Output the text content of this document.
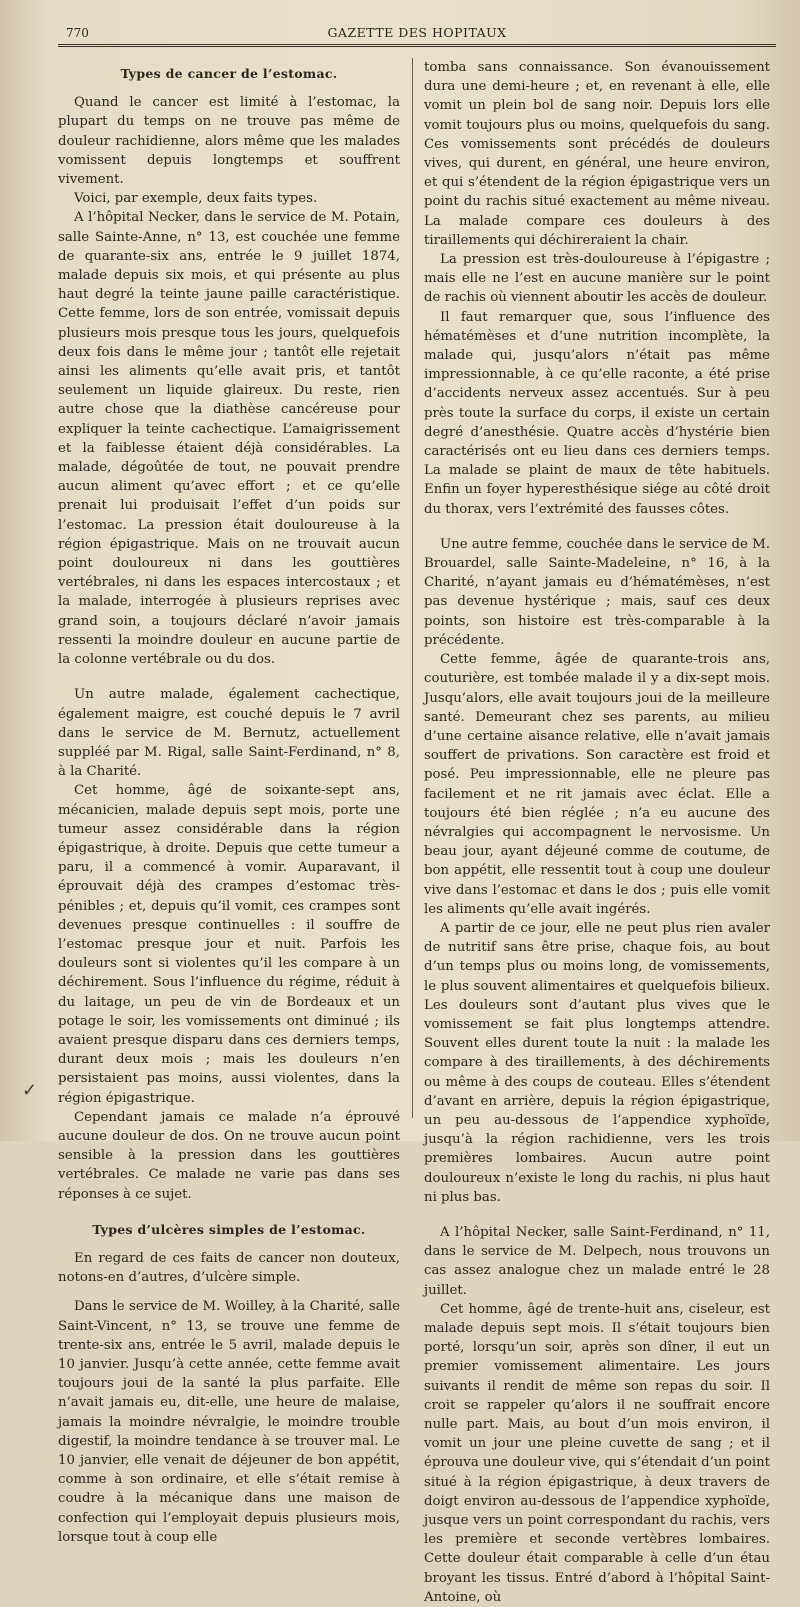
770	GAZETTE DES HOPITAUX
Types de cancer de l’estomac.

Quand le cancer est limité à l’estomac, la plupart du temps on ne trouve pas même de douleur rachidienne, alors même que les malades vomissent depuis longtemps et souffrent vivement.

Voici, par exemple, deux faits types.

A l’hôpital Necker, dans le service de M. Potain, salle Sainte-Anne, n° 13, est couchée une femme de quarante-six ans, entrée le 9 juillet 1874, malade depuis six mois, et qui présente au plus haut degré la teinte jaune paille caractéristique. Cette femme, lors de son entrée, vomissait depuis plusieurs mois presque tous les jours, quelquefois deux fois dans le même jour ; tantôt elle rejetait ainsi les aliments qu’elle avait pris, et tantôt seulement un liquide glaireux. Du reste, rien autre chose que la diathèse cancéreuse pour expliquer la teinte cachectique. L’amaigrissement et la faiblesse étaient déjà considérables. La malade, dégoûtée de tout, ne pouvait prendre aucun aliment qu’avec effort ; et ce qu’elle prenait lui produisait l’effet d’un poids sur l’estomac. La pression était douloureuse à la région épigastrique. Mais on ne trouvait aucun point douloureux ni dans les gouttières vertébrales, ni dans les espaces intercostaux ; et la malade, interrogée à plusieurs reprises avec grand soin, a toujours déclaré n’avoir jamais ressenti la moindre douleur en aucune partie de la colonne vertébrale ou du dos.

Un autre malade, également cachectique, également maigre, est couché depuis le 7 avril dans le service de M. Bernutz, actuellement suppléé par M. Rigal, salle Saint-Ferdinand, n° 8, à la Charité.

Cet homme, âgé de soixante-sept ans, mécanicien, malade depuis sept mois, porte une tumeur assez considérable dans la région épigastrique, à droite. Depuis que cette tumeur a paru, il a commencé à vomir. Auparavant, il éprouvait déjà des crampes d’estomac très-pénibles ; et, depuis qu’il vomit, ces crampes sont devenues presque continuelles : il souffre de l’estomac presque jour et nuit. Parfois les douleurs sont si violentes qu’il les compare à un déchirement. Sous l’influence du régime, réduit à du laitage, un peu de vin de Bordeaux et un potage le soir, les vomissements ont diminué ; ils avaient presque disparu dans ces derniers temps, durant deux mois ; mais les douleurs n’en persistaient pas moins, aussi violentes, dans la région épigastrique.

Cependant jamais ce malade n’a éprouvé aucune douleur de dos. On ne trouve aucun point sensible à la pression dans les gouttières vertébrales. Ce malade ne varie pas dans ses réponses à ce sujet.

Types d’ulcères simples de l’estomac.

En regard de ces faits de cancer non douteux, notons-en d’autres, d’ulcère simple.

Dans le service de M. Woilley, à la Charité, salle Saint-Vincent, n° 13, se trouve une femme de trente-six ans, entrée le 5 avril, malade depuis le 10 janvier. Jusqu’à cette année, cette femme avait toujours joui de la santé la plus parfaite. Elle n’avait jamais eu, dit-elle, une heure de malaise, jamais la moindre névralgie, le moindre trouble digestif, la moindre tendance à se trouver mal. Le 10 janvier, elle venait de déjeuner de bon appétit, comme à son ordinaire, et elle s’était remise à coudre à la mécanique dans une maison de confection qui l’employait depuis plusieurs mois, lorsque tout à coup elle

tomba sans connaissance. Son évanouissement dura une demi-heure ; et, en revenant à elle, elle vomit un plein bol de sang noir. Depuis lors elle vomit toujours plus ou moins, quelquefois du sang. Ces vomissements sont précédés de douleurs vives, qui durent, en général, une heure environ, et qui s’étendent de la région épigastrique vers un point du rachis situé exactement au même niveau. La malade compare ces douleurs à des tiraillements qui déchireraient la chair.

La pression est très-douloureuse à l’épigastre ; mais elle ne l’est en aucune manière sur le point de rachis où viennent aboutir les accès de douleur.

Il faut remarquer que, sous l’influence des hématémèses et d’une nutrition incomplète, la malade qui, jusqu’alors n’était pas même impressionnable, à ce qu’elle raconte, a été prise d’accidents nerveux assez accentués. Sur à peu près toute la surface du corps, il existe un certain degré d’anesthésie. Quatre accès d’hystérie bien caractérisés ont eu lieu dans ces derniers temps. La malade se plaint de maux de tête habituels. Enfin un foyer hyperesthésique siége au côté droit du thorax, vers l’extrémité des fausses côtes.

Une autre femme, couchée dans le service de M. Brouardel, salle Sainte-Madeleine, n° 16, à la Charité, n’ayant jamais eu d’hématémèses, n’est pas devenue hystérique ; mais, sauf ces deux points, son histoire est très-comparable à la précédente.

Cette femme, âgée de quarante-trois ans, couturière, est tombée malade il y a dix-sept mois. Jusqu’alors, elle avait toujours joui de la meilleure santé. Demeurant chez ses parents, au milieu d’une certaine aisance relative, elle n’avait jamais souffert de privations. Son caractère est froid et posé. Peu impressionnable, elle ne pleure pas facilement et ne rit jamais avec éclat. Elle a toujours été bien réglée ; n’a eu aucune des névralgies qui accompagnent le nervosisme. Un beau jour, ayant déjeuné comme de coutume, de bon appétit, elle ressentit tout à coup une douleur vive dans l’estomac et dans le dos ; puis elle vomit les aliments qu’elle avait ingérés.

A partir de ce jour, elle ne peut plus rien avaler de nutritif sans être prise, chaque fois, au bout d’un temps plus ou moins long, de vomissements, le plus souvent alimentaires et quelquefois bilieux. Les douleurs sont d’autant plus vives que le vomissement se fait plus longtemps attendre. Souvent elles durent toute la nuit : la malade les compare à des tiraillements, à des déchirements ou même à des coups de couteau. Elles s’étendent d’avant en arrière, depuis la région épigastrique, un peu au-dessous de l’appendice xyphoïde, jusqu’à la région rachidienne, vers les trois premières lombaires. Aucun autre point douloureux n’existe le long du rachis, ni plus haut ni plus bas.

A l’hôpital Necker, salle Saint-Ferdinand, n° 11, dans le service de M. Delpech, nous trouvons un cas assez analogue chez un malade entré le 28 juillet.

Cet homme, âgé de trente-huit ans, ciseleur, est malade depuis sept mois. Il s’était toujours bien porté, lorsqu’un soir, après son dîner, il eut un premier vomissement alimentaire. Les jours suivants il rendit de même son repas du soir. Il croit se rappeler qu’alors il ne souffrait encore nulle part. Mais, au bout d’un mois environ, il vomit un jour une pleine cuvette de sang ; et il éprouva une douleur vive, qui s’étendait d’un point situé à la région épigastrique, à deux travers de doigt environ au-dessous de l’appendice xyphoïde, jusque vers un point correspondant du rachis, vers les première et seconde vertèbres lombaires. Cette douleur était comparable à celle d’un étau broyant les tissus. Entré d’abord à l’hôpital Saint-Antoine, où

✓
